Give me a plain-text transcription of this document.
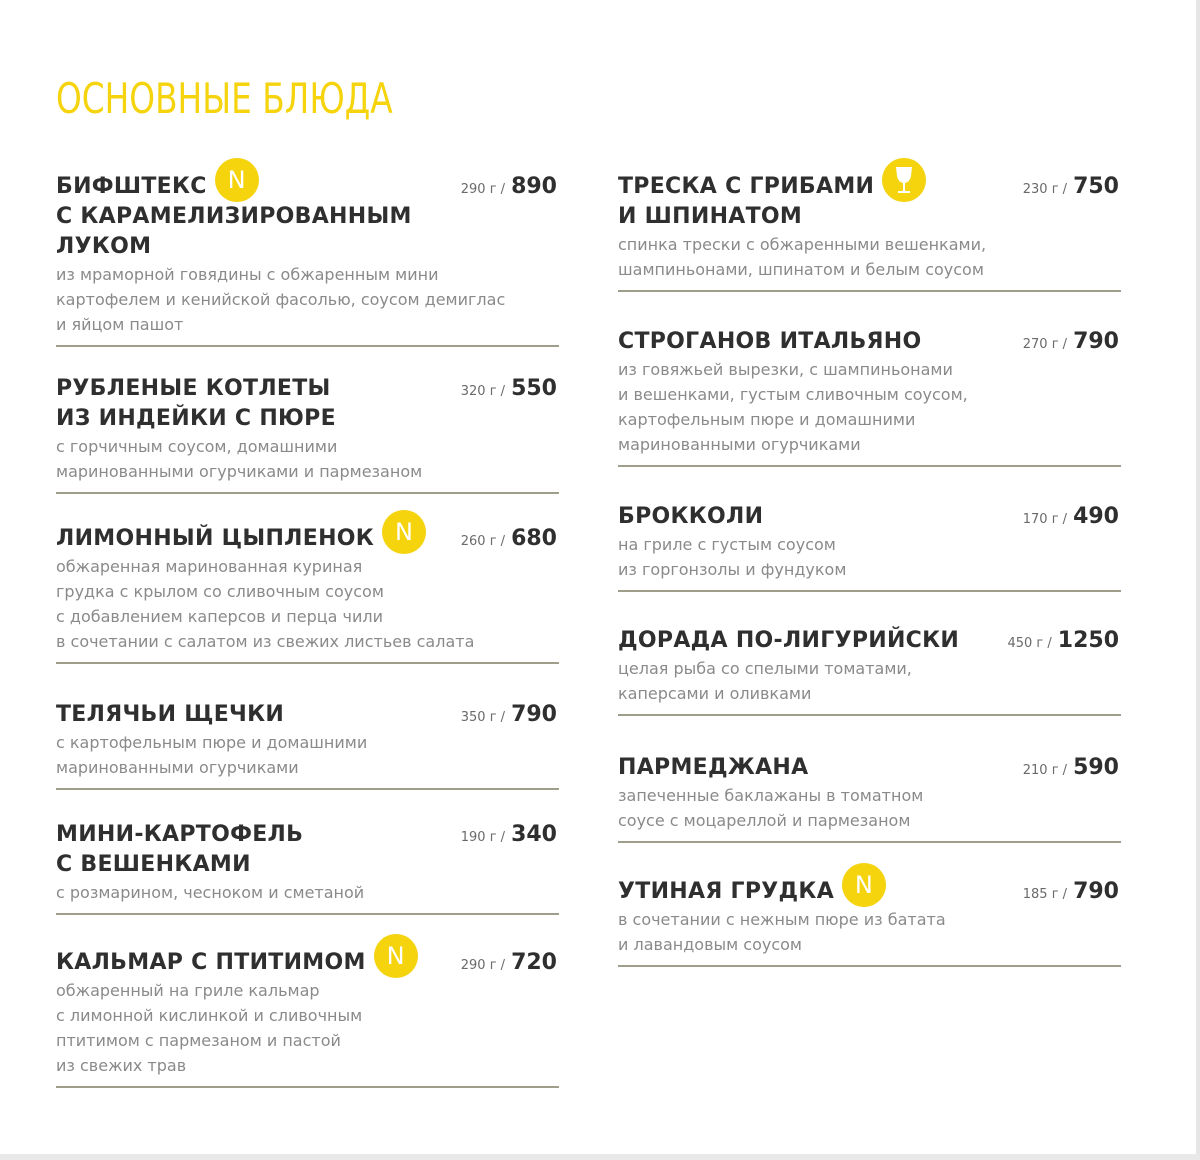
ОСНОВНЫЕ БЛЮДА
БИФШТЕКС N
С КАРАМЕЛИЗИРОВАННЫМ
ЛУКОМ
290 г / 890
из мраморной говядины с обжаренным мини
картофелем и кенийской фасолью, соусом демиглас
и яйцом пашот
РУБЛЕНЫЕ КОТЛЕТЫ
ИЗ ИНДЕЙКИ С ПЮРЕ
320 г / 550
с горчичным соусом, домашними
маринованными огурчиками и пармезаном
ЛИМОННЫЙ ЦЫПЛЕНОК N	260 г / 680
обжаренная маринованная куриная
грудка с крылом со сливочным соусом
с добавлением каперсов и перца чили
в сочетании с салатом из свежих листьев салата
ТЕЛЯЧЬИ ЩЕЧКИ	350 г / 790
с картофельным пюре и домашними
маринованными огурчиками
МИНИ-КАРТОФЕЛЬ
С ВЕШЕНКАМИ
190 г / 340
с розмарином, чесноком и сметаной
КАЛЬМАР С ПТИТИМОМ N	290 г / 720
обжаренный на гриле кальмар
с лимонной кислинкой и сливочным
птитимом с пармезаном и пастой
из свежих трав
ТРЕСКА С ГРИБАМИ
И ШПИНАТОМ
230 г / 750
спинка трески с обжаренными вешенками,
шампиньонами, шпинатом и белым соусом
СТРОГАНОВ ИТАЛЬЯНО	270 г / 790
из говяжьей вырезки, с шампиньонами
и вешенками, густым сливочным соусом,
картофельным пюре и домашними
маринованными огурчиками
БРОККОЛИ	170 г / 490
на гриле с густым соусом
из горгонзолы и фундуком
ДОРАДА ПО-ЛИГУРИЙСКИ	450 г / 1250
целая рыба со спелыми томатами,
каперсами и оливками
ПАРМЕДЖАНА	210 г / 590
запеченные баклажаны в томатном
соусе с моцареллой и пармезаном
УТИНАЯ ГРУДКА N	185 г / 790
в сочетании с нежным пюре из батата
и лавандовым соусом
